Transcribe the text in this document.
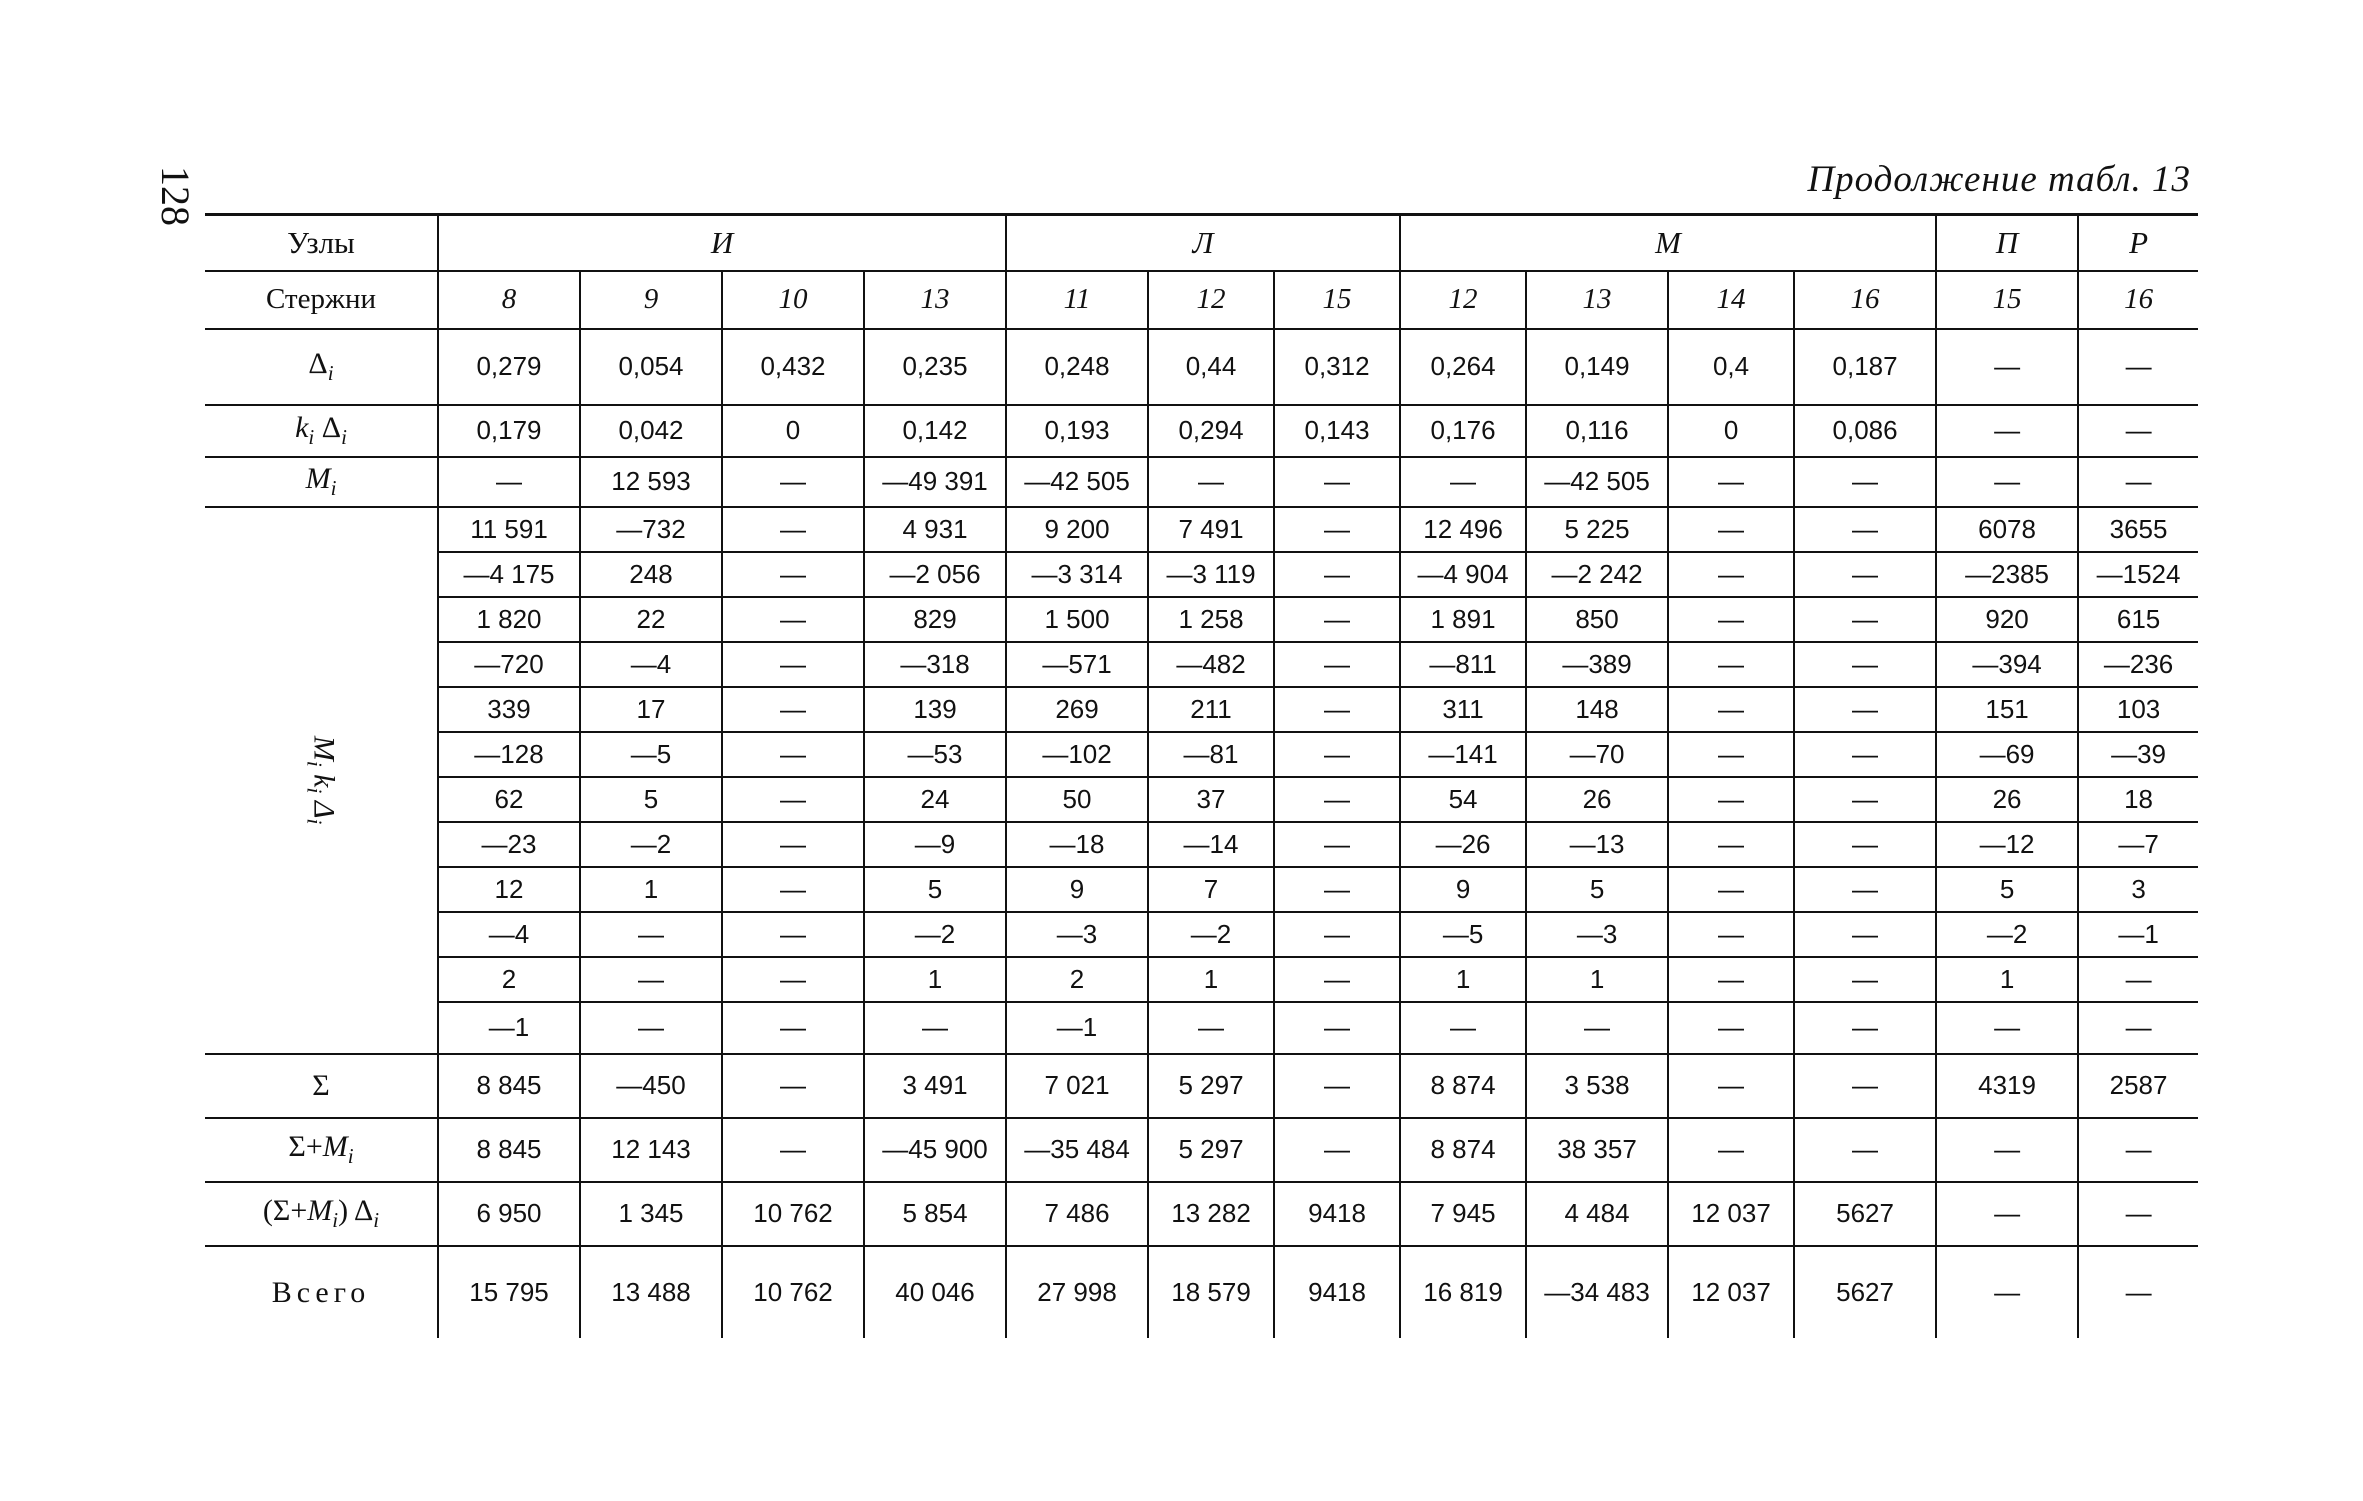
128	Продолжение табл. 13
Узлы	И				Л			М				П	Р
Стержни	8	9	10	13	11	12	15	12	13	14	16	15	16
$\Delta_i$	0,279	0,054	0,432	0,235	0,248	0,44	0,312	0,264	0,149	0,4	0,187	—	—
$k_i$ $\Delta_i$	0,179	0,042	0	0,142	0,193	0,294	0,143	0,176	0,116	0	0,086	—	—
$M_i$	—	12 593	—	—49 391	—42 505	—	—	—	—42 505	—	—	—	—
$M_i$ $k_i$ $\Delta_i$	11 591	—732	—	4 931	9 200	7 491	—	12 496	5 225	—	—	6078	3655
	—4 175	248	—	—2 056	—3 314	—3 119	—	—4 904	—2 242	—	—	—2385	—1524
	1 820	22	—	829	1 500	1 258	—	1 891	850	—	—	920	615
	—720	—4	—	—318	—571	—482	—	—811	—389	—	—	—394	—236
	339	17	—	139	269	211	—	311	148	—	—	151	103
	—128	—5	—	—53	—102	—81	—	—141	—70	—	—	—69	—39
	62	5	—	24	50	37	—	54	26	—	—	26	18
	—23	—2	—	—9	—18	—14	—	—26	—13	—	—	—12	—7
	12	1	—	5	9	7	—	9	5	—	—	5	3
	—4	—	—	—2	—3	—2	—	—5	—3	—	—	—2	—1
	2	—	—	1	2	1	—	1	1	—	—	1	—
	—1	—	—	—	—1	—	—	—	—	—	—	—	—
Σ	8 845	—450	—	3 491	7 021	5 297	—	8 874	3 538	—	—	4319	2587
$\Sigma+M_i$	8 845	12 143	—	—45 900	—35 484	5 297	—	8 874	38 357	—	—	—	—
$(\Sigma+M_i)$ $\Delta_i$	6 950	1 345	10 762	5 854	7 486	13 282	9418	7 945	4 484	12 037	5627	—	—
Всего	15 795	13 488	10 762	40 046	27 998	18 579	9418	16 819	—34 483	12 037	5627	—	—
